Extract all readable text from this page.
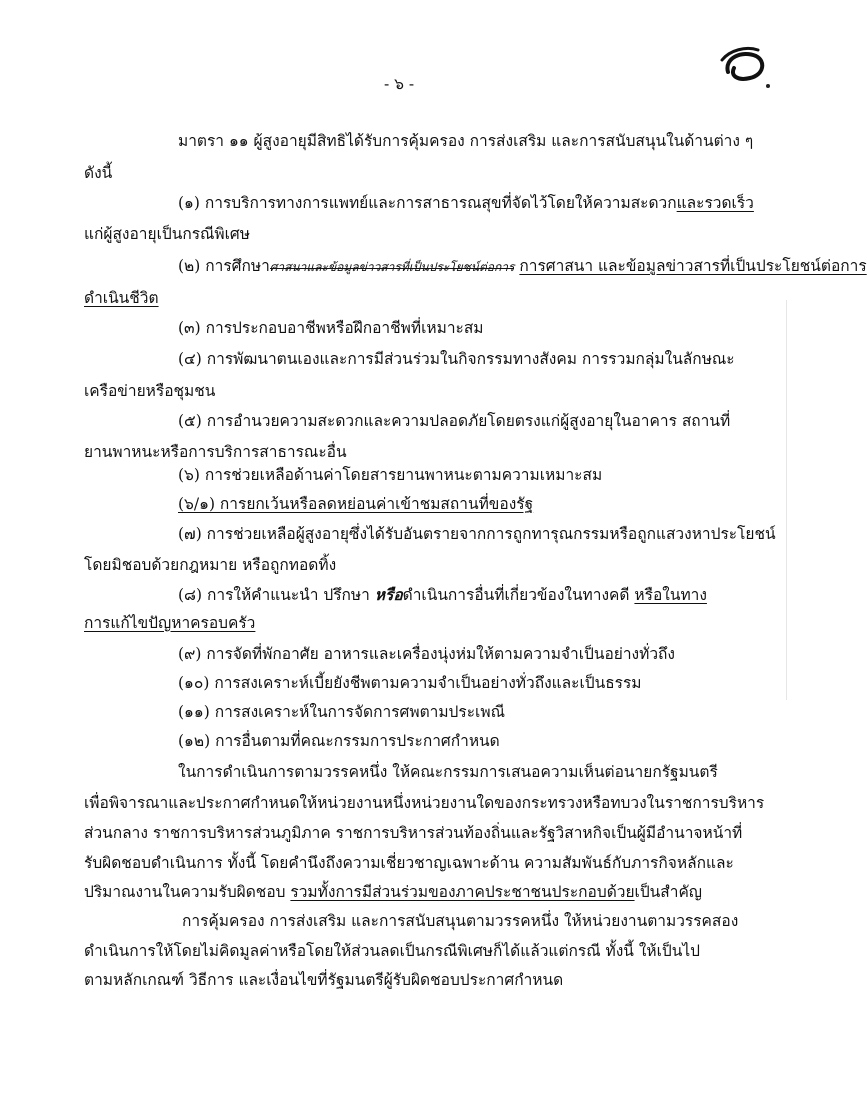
- ๖ -
มาตรา ๑๑ ผู้สูงอายุมีสิทธิได้รับการคุ้มครอง การส่งเสริม และการสนับสนุนในด้านต่าง ๆ
ดังนี้
(๑) การบริการทางการแพทย์และการสาธารณสุขที่จัดไว้โดยให้ความสะดวกและรวดเร็ว
แก่ผู้สูงอายุเป็นกรณีพิเศษ
(๒) การศึกษาศาสนาและข้อมูลข่าวสารที่เป็นประโยชน์ต่อการ การศาสนา และข้อมูลข่าวสารที่เป็นประโยชน์ต่อการ
ดำเนินชีวิต
(๓) การประกอบอาชีพหรือฝึกอาชีพที่เหมาะสม
(๔) การพัฒนาตนเองและการมีส่วนร่วมในกิจกรรมทางสังคม การรวมกลุ่มในลักษณะ
เครือข่ายหรือชุมชน
(๕) การอำนวยความสะดวกและความปลอดภัยโดยตรงแก่ผู้สูงอายุในอาคาร สถานที่
ยานพาหนะหรือการบริการสาธารณะอื่น
(๖) การช่วยเหลือด้านค่าโดยสารยานพาหนะตามความเหมาะสม
(๖/๑) การยกเว้นหรือลดหย่อนค่าเข้าชมสถานที่ของรัฐ
(๗) การช่วยเหลือผู้สูงอายุซึ่งได้รับอันตรายจากการถูกทารุณกรรมหรือถูกแสวงหาประโยชน์
โดยมิชอบด้วยกฎหมาย หรือถูกทอดทิ้ง
(๘) การให้คำแนะนำ ปรึกษา หรือดำเนินการอื่นที่เกี่ยวข้องในทางคดี หรือในทาง
การแก้ไขปัญหาครอบครัว
(๙) การจัดที่พักอาศัย อาหารและเครื่องนุ่งห่มให้ตามความจำเป็นอย่างทั่วถึง
(๑๐) การสงเคราะห์เบี้ยยังชีพตามความจำเป็นอย่างทั่วถึงและเป็นธรรม
(๑๑) การสงเคราะห์ในการจัดการศพตามประเพณี
(๑๒) การอื่นตามที่คณะกรรมการประกาศกำหนด
ในการดำเนินการตามวรรคหนึ่ง ให้คณะกรรมการเสนอความเห็นต่อนายกรัฐมนตรี
เพื่อพิจารณาและประกาศกำหนดให้หน่วยงานหนึ่งหน่วยงานใดของกระทรวงหรือทบวงในราชการบริหาร
ส่วนกลาง ราชการบริหารส่วนภูมิภาค ราชการบริหารส่วนท้องถิ่นและรัฐวิสาหกิจเป็นผู้มีอำนาจหน้าที่
รับผิดชอบดำเนินการ ทั้งนี้ โดยคำนึงถึงความเชี่ยวชาญเฉพาะด้าน ความสัมพันธ์กับภารกิจหลักและ
ปริมาณงานในความรับผิดชอบ รวมทั้งการมีส่วนร่วมของภาคประชาชนประกอบด้วยเป็นสำคัญ
การคุ้มครอง การส่งเสริม และการสนับสนุนตามวรรคหนึ่ง ให้หน่วยงานตามวรรคสอง
ดำเนินการให้โดยไม่คิดมูลค่าหรือโดยให้ส่วนลดเป็นกรณีพิเศษก็ได้แล้วแต่กรณี ทั้งนี้ ให้เป็นไป
ตามหลักเกณฑ์ วิธีการ และเงื่อนไขที่รัฐมนตรีผู้รับผิดชอบประกาศกำหนด
